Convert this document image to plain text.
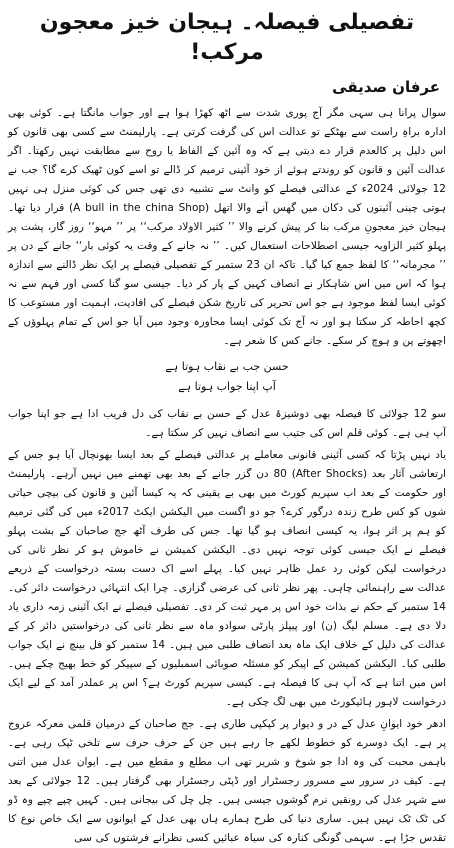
تفصیلی فیصلہ۔ ہیجان خیز معجون مرکب!
عرفان صدیقی

سوال پرانا ہی سہی مگر آج پوری شدت سے اٹھ کھڑا ہوا ہے اور جواب مانگتا ہے۔ کوئی بھی ادارہ براہِ راست سے بھٹکے تو عدالت اس کی گرفت کرتی ہے۔ پارلیمنٹ سے کسی بھی قانون کو اس دلیل پر کالعدم قرار دے دیتی ہے کہ وہ آئین کے الفاظ یا روح سے مطابقت نہیں رکھتا۔ اگر عدالت آئین و قانون کو روندتے ہوئے از خود آئینی ترمیم کر ڈالے تو اسے کون ٹھیک کرے گا؟ جب نے 12 جولائی 2024ء کے عدالتی فیصلے کو وانٹ سے تشبیہ دی تھی جس کی کوئی منزل ہی نہیں ہوتی چینی آئینوں کی دکان میں گھس آنے والا اتھل (A bull in the china Shop) قرار دیا تھا۔ ہیجان خیز معجونِ مرکب بنا کر پیش کرنے والا ’’ کثیر الاولاد مرکب‘‘ پر ’’ مہو‘‘ روز گار، پشت پر پہلو کثیر الزاویہ جیسی اصطلاحات استعمال کیں۔ ’’ نہ جانے کے وقت یہ کوئی بار‘‘ جانے کے دن پر ’’ مجرمانہ‘‘ کا لفظ جمع کیا گیا۔ تاکہ ان 23 ستمبر کے تفصیلی فیصلے پر ایک نظر ڈالنے سے اندازہ ہوا کہ اس میں اس شاہکار نے انصاف کہیں کے پار کر دیا۔ جیسی سو گنا کسی اور فہم سے نہ کوئی ایسا لفظ موجود ہے جو اس تحریر کی تاریخ شکن فیصلے کی افادیت، اہمیت اور مستوعب کا کچھ احاطہ کر سکتا ہو اور نہ آج تک کوئی ایسا محاورہ وجود میں آیا جو اس کے تمام پہلوؤں کے اچھوتے پن و ہوچ کر سکے۔ جانے کس کا شعر ہے۔

حسن جب بے نقاب ہوتا ہے
آپ اپنا جواب ہوتا ہے

سو 12 جولائی کا فیصلہ بھی دوشیزۂ عدل کے حسن بے نقاب کی دل فریب ادا ہے جو اپنا جواب آپ ہی ہے۔ کوئی قلم اس کی جتیب سے انصاف نہیں کر سکتا ہے۔

یاد نہیں پڑتا کہ کسی آئینی قانونی معاملے پر عدالتی فیصلے کے بعد ایسا بھونچال آیا ہو جس کے ارتعاشی آثار بعد (After Shocks) 80 دن گزر جانے کے بعد بھی تھمنے میں نہیں آرہے۔ پارلیمنٹ اور حکومت کے بعد اب سپریم کورٹ میں بھی بے یقینی کہ یہ کیسا آئین و قانون کی بیچی حیاتی شوں کو کس طرح زندہ درگور کرے؟ جو دو اگست میں الیکشن ایکٹ 2017ء میں کی گئی ترمیم کو ہم پر اثر ہوا، یہ کیسی انصاف ہو گیا تھا۔ جس کی طرف آٹھ جج صاحبان کے بشت پہلو فیصلے نے ایک جیسی کوئی توجہ نہیں دی۔ الیکشن کمیشن نے خاموش ہو کر نظر ثانی کی درخواست لیکن کوئی رد عمل ظاہر نہیں کیا۔ پہلے اسے اک دست بستہ درخواست کے ذریعے عدالت سے راہنمائی چاہی۔ پھر نظر ثانی کی عرضی گزاری۔ چرا ایک انتہائی درخواست دائر کی۔ 14 ستمبر کے حکم نے بذات خود اس پر مہر ثبت کر دی۔ تفصیلی فیصلے نے ایک آئینی زمہ داری یاد دلا دی ہے۔ مسلم لیگ (ن) اور پیپلز پارٹی سوادو ماہ سے نظر ثانی کی درخواستیں دائر کر کے عدالت کی دلیل کے خلاف ایک ماہ بعد انصاف طلبی میں ہیں۔ 14 ستمبر کو فل بینچ نے ایک جواب طلبی کیا۔ الیکشن کمیشن کے اپیکر کو مسئلہ صوبائی اسمبلیوں کے سپیکر کو خط بھیج چکے ہیں۔ اس میں اتنا ہے کہ آپ ہی کا فیصلہ ہے۔ کیسی سپریم کورٹ ہے؟ اس پر عملدر آمد کے لیے ایک درخواست لاہور ہائیکورٹ میں بھی لگ چکی ہے۔

ادھر خود ایوانِ عدل کے در و دیوار پر کپکپی طاری ہے۔ جج صاحبان کے درمیان قلمی معرکہ عروج پر ہے۔ ایک دوسرے کو خطوط لکھے جا رہے ہیں جن کے حرف حرف سے تلخی ٹپک رہی ہے۔ باہمی محبت کی وہ ادا جو شوخ و شریر تھی اب مطلع و مقطع میں ہے۔ ایوان عدل میں اتنی ہے۔ کیف در سرور سے مسرور رجسٹرار اور ڈپٹی رجسٹرار بھی گرفتار ہیں۔ 12 جولائی کے بعد سے شہر عدل کی رونقیں نرم گوشوں جیسی ہیں۔ چل چل کی بیجانی ہیں۔ کہیں چپے چپے وہ ڈو کی ٹک ٹک نہیں ہیں۔ ساری دنیا کی طرح ہمارے ہاں بھی عدل کے ایوانوں سے ایک خاص نوع کا تقدس جڑا ہے۔ سہمی گونگی کنارہ کی سیاہ عبائیں کسی نظرانے فرشتوں کی سی
